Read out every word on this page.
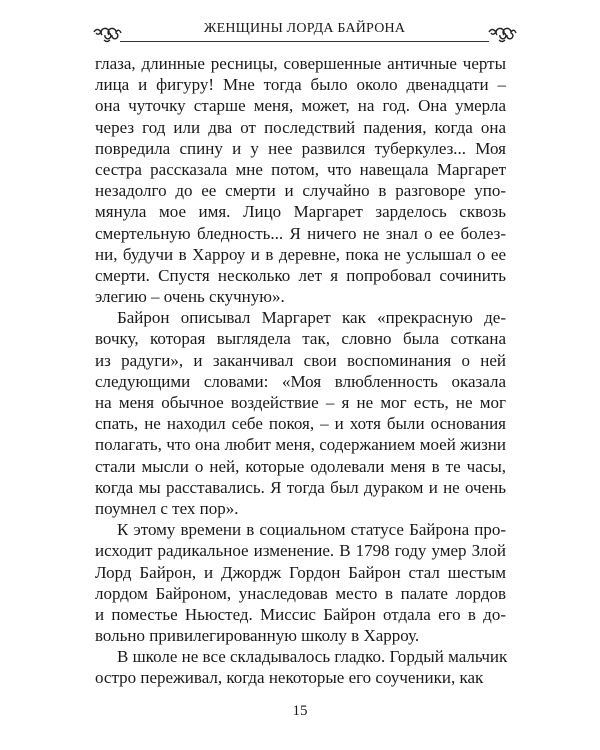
ЖЕНЩИНЫ ЛОРДА БАЙРОНА
глаза, длинные ресницы, совершенные античные черты
лица и фигуру! Мне тогда было около двенадцати –
она чуточку старше меня, может, на год. Она умерла
через год или два от последствий падения, когда она
повредила спину и у нее развился туберкулез... Моя
сестра рассказала мне потом, что навещала Маргарет
незадолго до ее смерти и случайно в разговоре упо-
мянула мое имя. Лицо Маргарет зарделось сквозь
смертельную бледность... Я ничего не знал о ее болез-
ни, будучи в Харроу и в деревне, пока не услышал о ее
смерти. Спустя несколько лет я попробовал сочинить
элегию – очень скучную».
Байрон описывал Маргарет как «прекрасную де-
вочку, которая выглядела так, словно была соткана
из радуги», и заканчивал свои воспоминания о ней
следующими словами: «Моя влюбленность оказала
на меня обычное воздействие – я не мог есть, не мог
спать, не находил себе покоя, – и хотя были основания
полагать, что она любит меня, содержанием моей жизни
стали мысли о ней, которые одолевали меня в те часы,
когда мы расставались. Я тогда был дураком и не очень
поумнел с тех пор».
К этому времени в социальном статусе Байрона про-
исходит радикальное изменение. В 1798 году умер Злой
Лорд Байрон, и Джордж Гордон Байрон стал шестым
лордом Байроном, унаследовав место в палате лордов
и поместье Ньюстед. Миссис Байрон отдала его в до-
вольно привилегированную школу в Харроу.
В школе не все складывалось гладко. Гордый мальчик
остро переживал, когда некоторые его соученики, как
15
